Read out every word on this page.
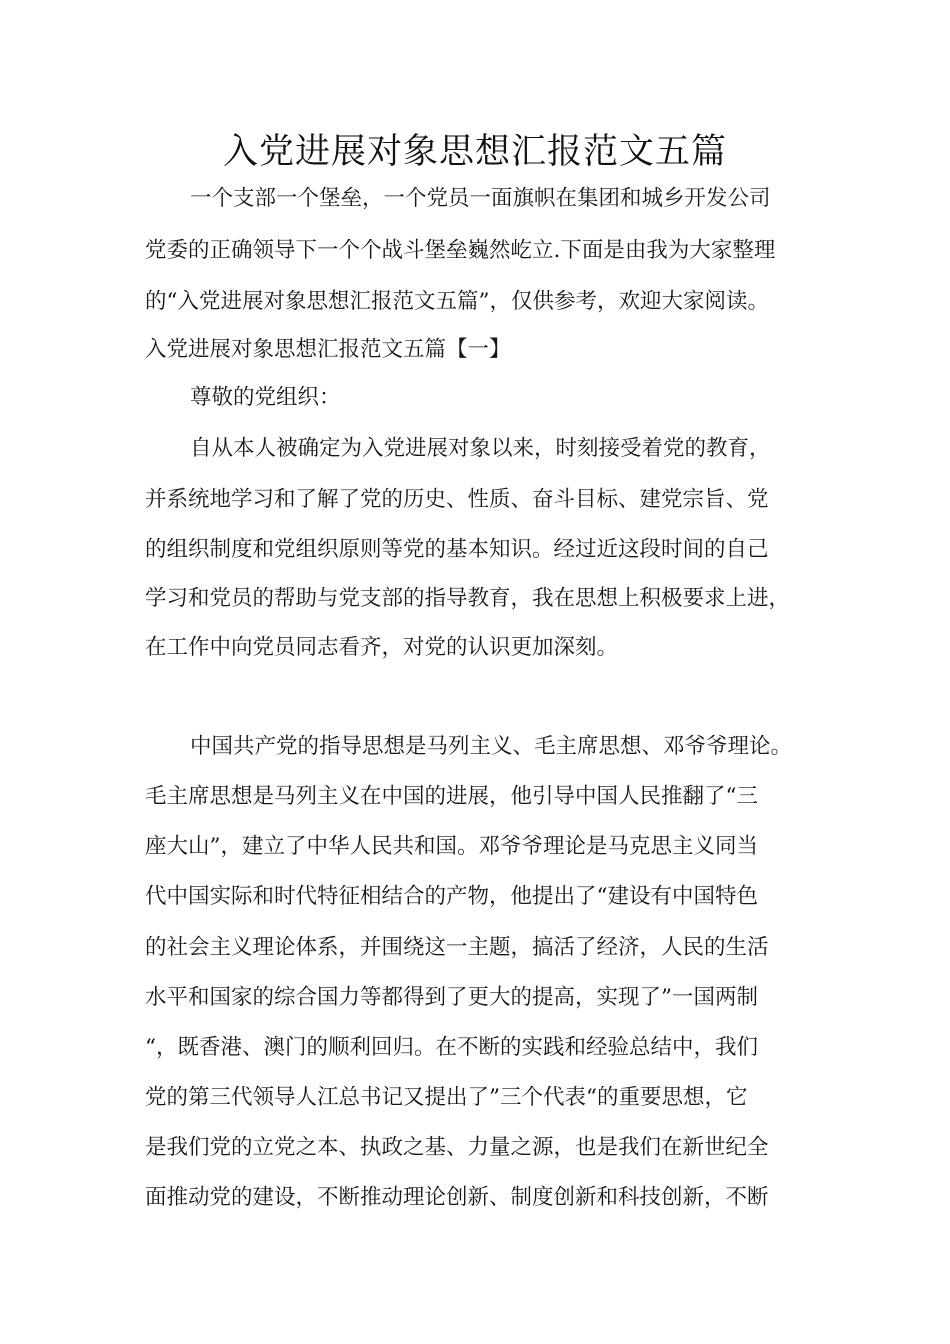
入党进展对象思想汇报范文五篇

一个支部一个堡垒，一个党员一面旗帜在集团和城乡开发公司

党委的正确领导下一个个战斗堡垒巍然屹立.下面是由我为大家整理

的“入党进展对象思想汇报范文五篇”，仅供参考，欢迎大家阅读。

入党进展对象思想汇报范文五篇【一】

尊敬的党组织：

自从本人被确定为入党进展对象以来，时刻接受着党的教育，

并系统地学习和了解了党的历史、性质、奋斗目标、建党宗旨、党

的组织制度和党组织原则等党的基本知识。经过近这段时间的自己

学习和党员的帮助与党支部的指导教育，我在思想上积极要求上进，

在工作中向党员同志看齐，对党的认识更加深刻。

中国共产党的指导思想是马列主义、毛主席思想、邓爷爷理论。

毛主席思想是马列主义在中国的进展，他引导中国人民推翻了“三

座大山”，建立了中华人民共和国。邓爷爷理论是马克思主义同当

代中国实际和时代特征相结合的产物，他提出了“建设有中国特色

的社会主义理论体系，并围绕这一主题，搞活了经济，人民的生活

水平和国家的综合国力等都得到了更大的提高，实现了”一国两制

“，既香港、澳门的顺利回归。在不断的实践和经验总结中，我们

党的第三代领导人江总书记又提出了”三个代表“的重要思想，它

是我们党的立党之本、执政之基、力量之源，也是我们在新世纪全

面推动党的建设，不断推动理论创新、制度创新和科技创新，不断
